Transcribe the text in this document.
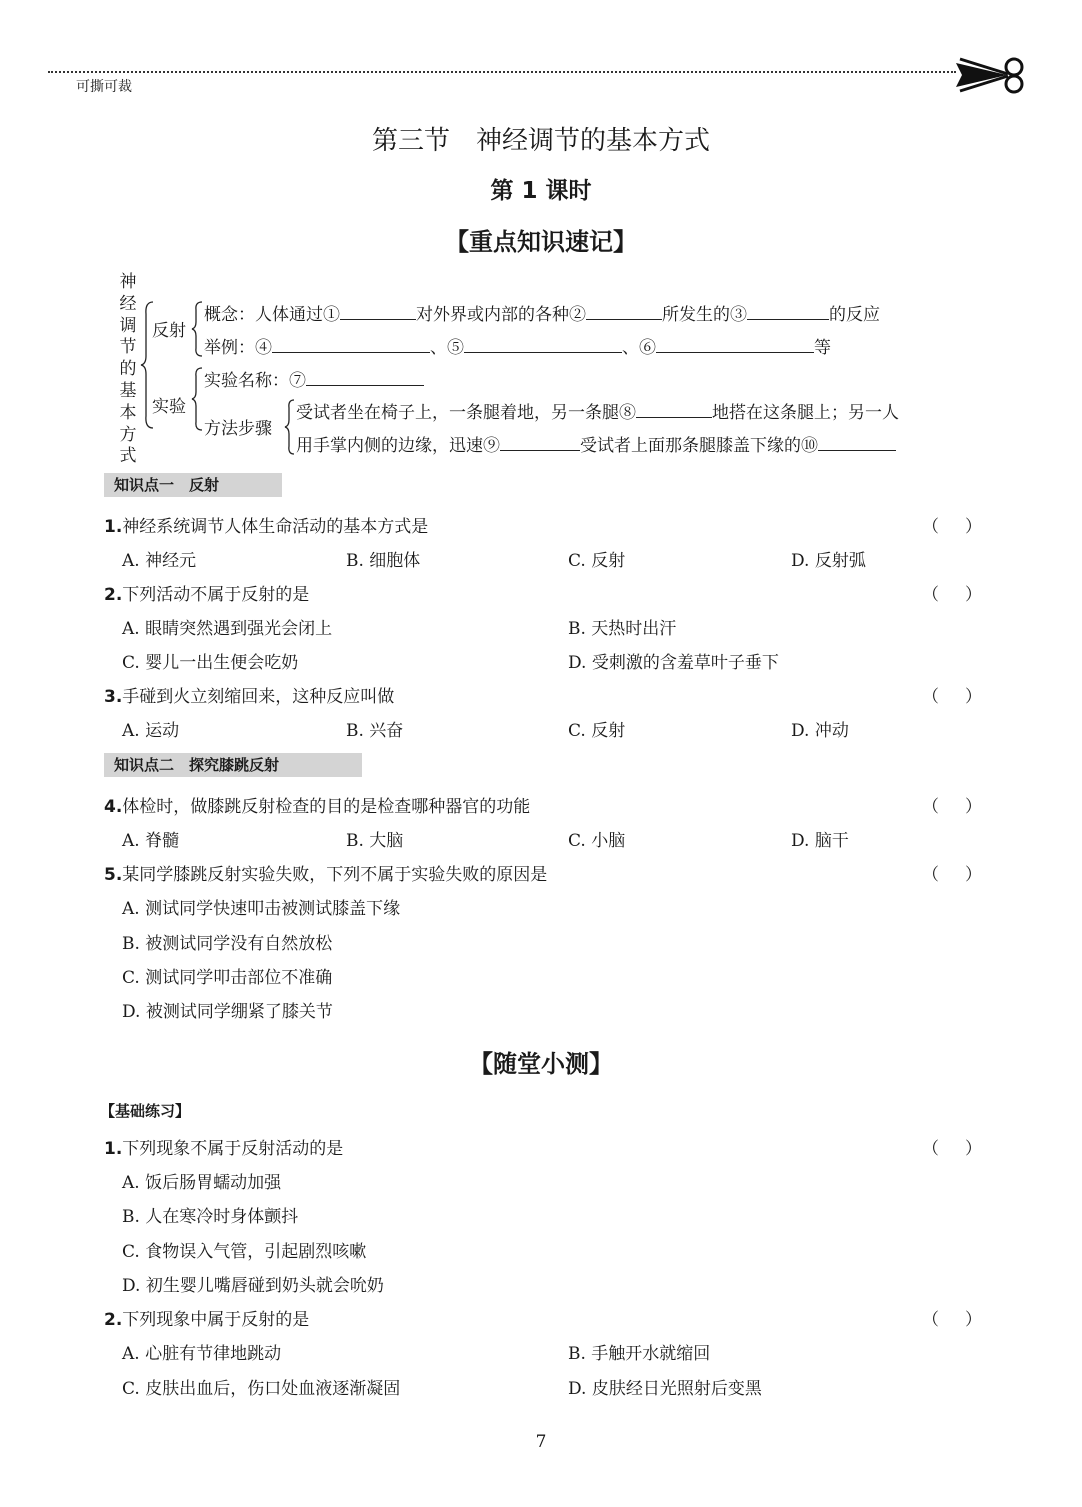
可撕可裁
第三节　神经调节的基本方式
第 1 课时
【重点知识速记】
神经调节的基本方式
反射
概念：人体通过①	对外界或内部的各种②	所发生的③	的反应
举例：④	、⑤	、⑥	等
实验
实验名称：⑦
方法步骤
受试者坐在椅子上，一条腿着地，另一条腿⑧	地搭在这条腿上；另一人
用手掌内侧的边缘，迅速⑨	受试者上面那条腿膝盖下缘的⑩
知识点一　反射
1.神经系统调节人体生命活动的基本方式是	（ ）
A. 神经元	B. 细胞体	C. 反射	D. 反射弧
2.下列活动不属于反射的是	（ ）
A. 眼睛突然遇到强光会闭上	B. 天热时出汗
C. 婴儿一出生便会吃奶	D. 受刺激的含羞草叶子垂下
3.手碰到火立刻缩回来，这种反应叫做	（ ）
A. 运动	B. 兴奋	C. 反射	D. 冲动
知识点二　探究膝跳反射
4.体检时，做膝跳反射检查的目的是检查哪种器官的功能	（ ）
A. 脊髓	B. 大脑	C. 小脑	D. 脑干
5.某同学膝跳反射实验失败，下列不属于实验失败的原因是	（ ）
A. 测试同学快速叩击被测试膝盖下缘
B. 被测试同学没有自然放松
C. 测试同学叩击部位不准确
D. 被测试同学绷紧了膝关节
【随堂小测】
【基础练习】
1.下列现象不属于反射活动的是	（ ）
A. 饭后肠胃蠕动加强
B. 人在寒冷时身体颤抖
C. 食物误入气管，引起剧烈咳嗽
D. 初生婴儿嘴唇碰到奶头就会吮奶
2.下列现象中属于反射的是	（ ）
A. 心脏有节律地跳动	B. 手触开水就缩回
C. 皮肤出血后，伤口处血液逐渐凝固	D. 皮肤经日光照射后变黑
7
